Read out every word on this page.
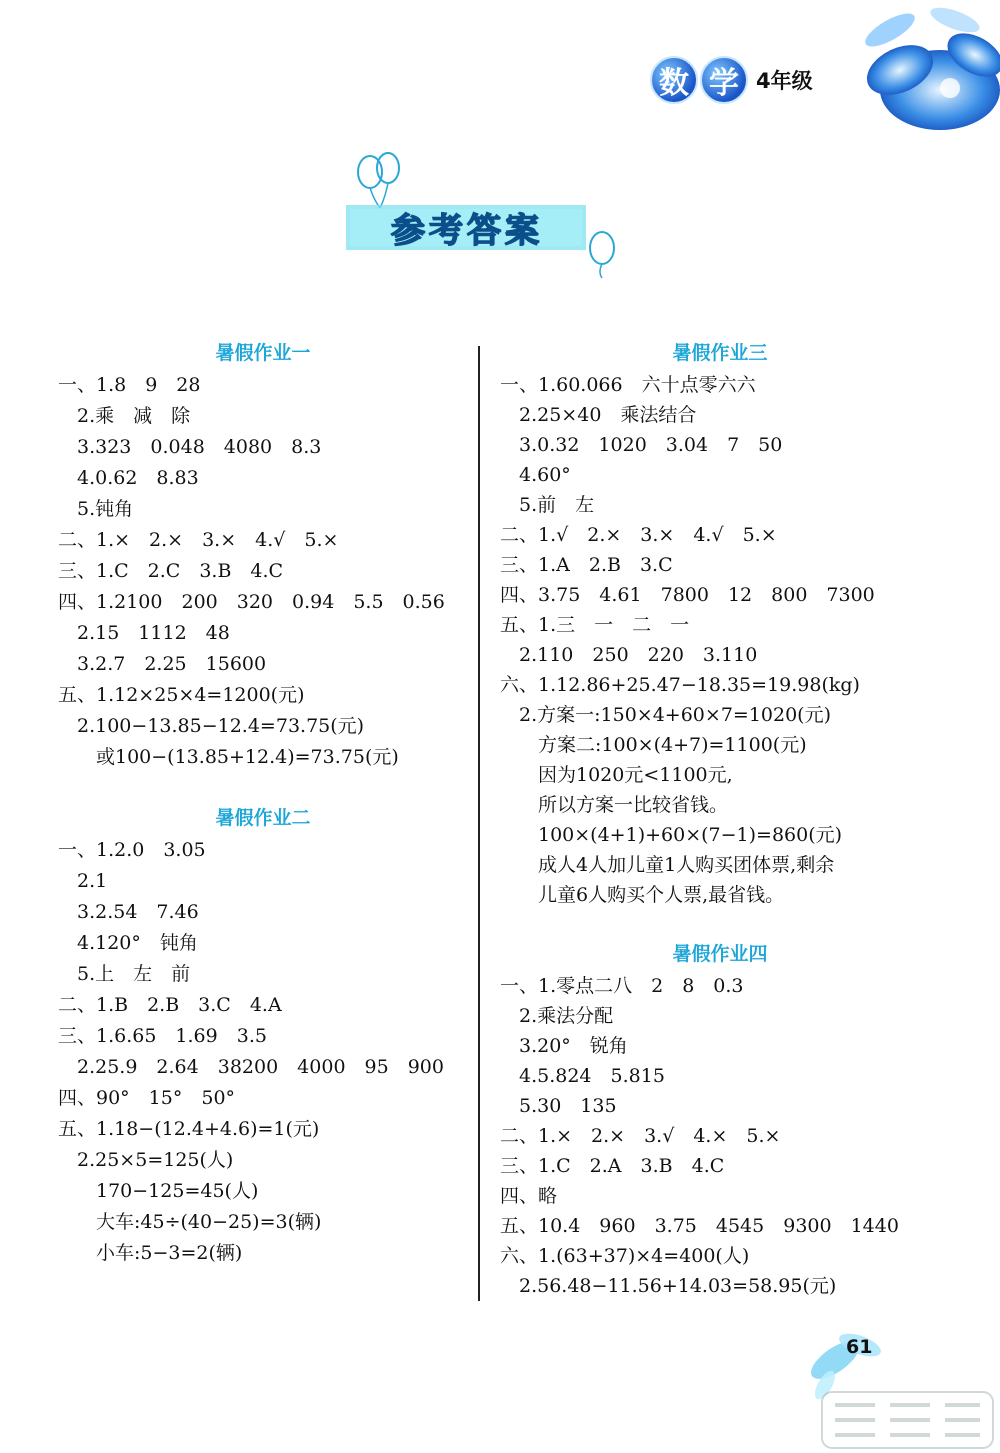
数 学 4年级
参考答案
暑假作业一
一、1.8　9　28
　2.乘　减　除
　3.323　0.048　4080　8.3
　4.0.62　8.83
　5.钝角
二、1.×　2.×　3.×　4.√　5.×
三、1.C　2.C　3.B　4.C
四、1.2100　200　320　0.94　5.5　0.56
　2.15　1112　48
　3.2.7　2.25　15600
五、1.12×25×4=1200(元)
　2.100−13.85−12.4=73.75(元)
　　或100−(13.85+12.4)=73.75(元)
暑假作业二
一、1.2.0　3.05
　2.1
　3.2.54　7.46
　4.120°　钝角
　5.上　左　前
二、1.B　2.B　3.C　4.A
三、1.6.65　1.69　3.5
　2.25.9　2.64　38200　4000　95　900
四、90°　15°　50°
五、1.18−(12.4+4.6)=1(元)
　2.25×5=125(人)
　　170−125=45(人)
　　大车:45÷(40−25)=3(辆)
　　小车:5−3=2(辆)
暑假作业三
一、1.60.066　六十点零六六
　2.25×40　乘法结合
　3.0.32　1020　3.04　7　50
　4.60°
　5.前　左
二、1.√　2.×　3.×　4.√　5.×
三、1.A　2.B　3.C
四、3.75　4.61　7800　12　800　7300
五、1.三　一　二　一
　2.110　250　220　3.110
六、1.12.86+25.47−18.35=19.98(kg)
　2.方案一:150×4+60×7=1020(元)
　　方案二:100×(4+7)=1100(元)
　　因为1020元<1100元,
　　所以方案一比较省钱。
　　100×(4+1)+60×(7−1)=860(元)
　　成人4人加儿童1人购买团体票,剩余
　　儿童6人购买个人票,最省钱。
暑假作业四
一、1.零点二八　2　8　0.3
　2.乘法分配
　3.20°　锐角
　4.5.824　5.815
　5.30　135
二、1.×　2.×　3.√　4.×　5.×
三、1.C　2.A　3.B　4.C
四、略
五、10.4　960　3.75　4545　9300　1440
六、1.(63+37)×4=400(人)
　2.56.48−11.56+14.03=58.95(元)
61
